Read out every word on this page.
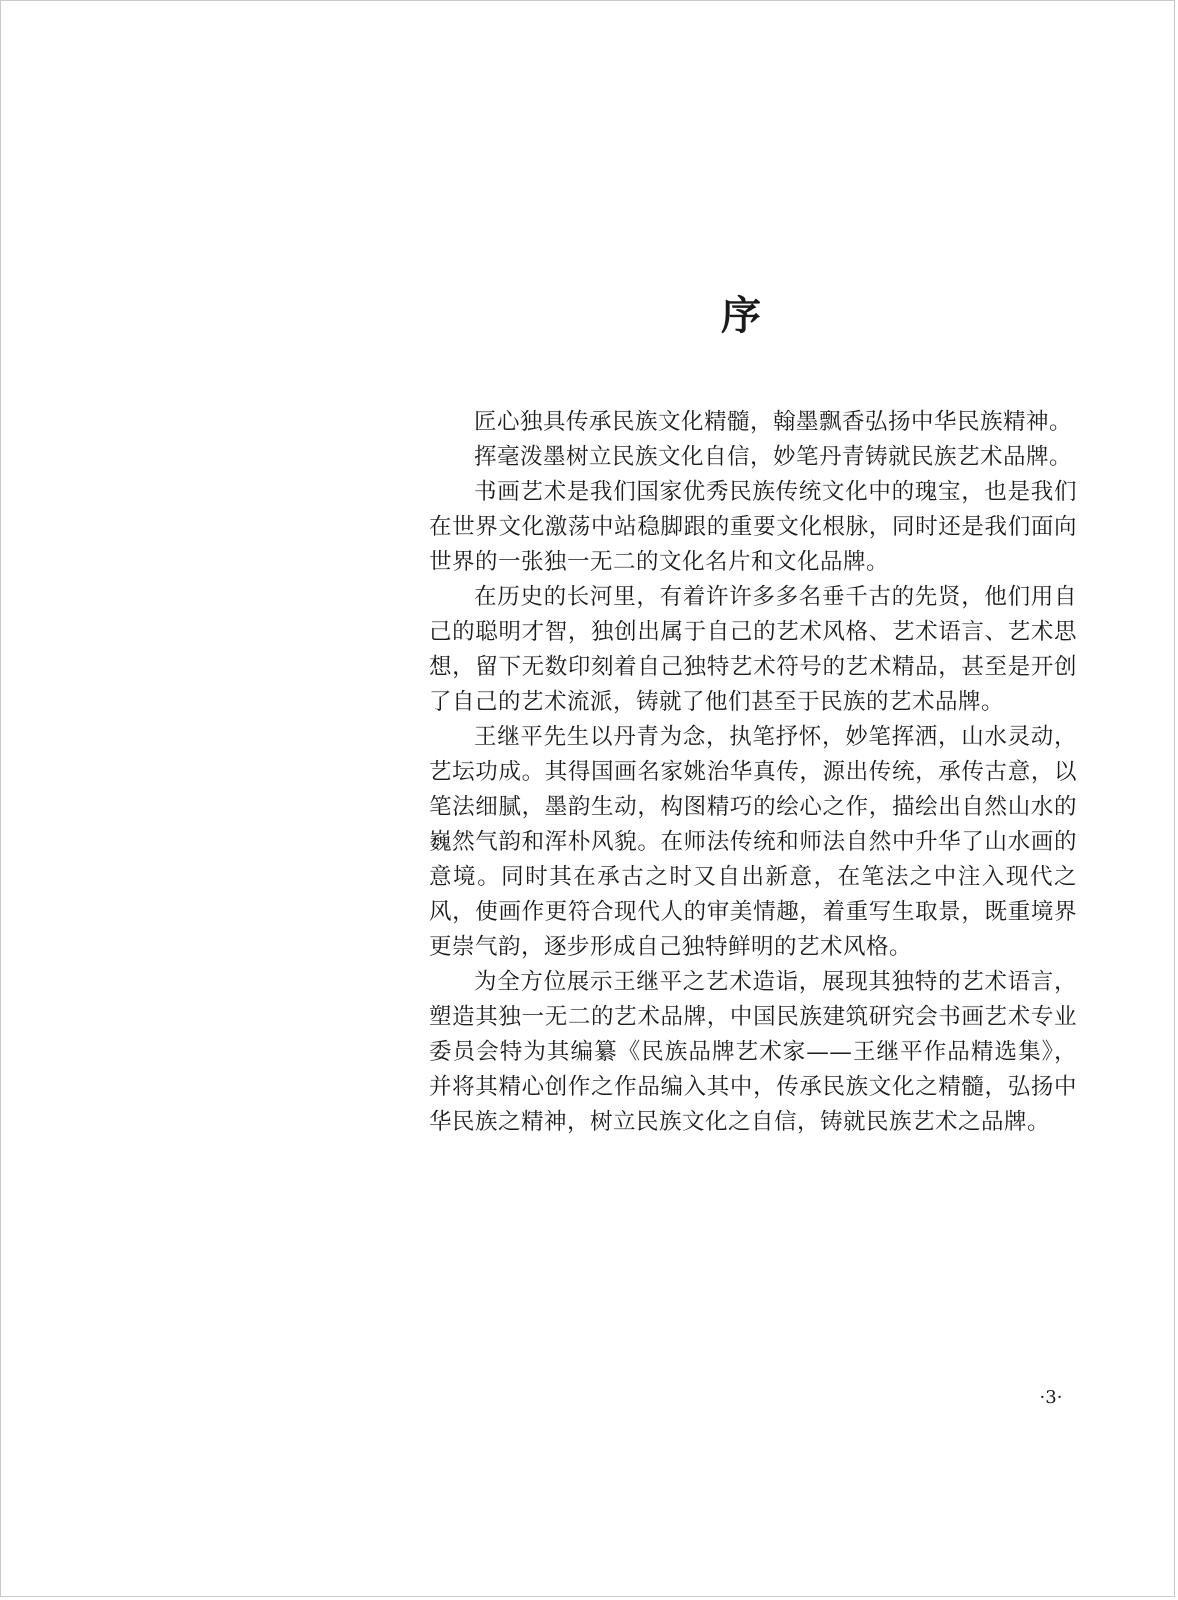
序

匠心独具传承民族文化精髓，翰墨飘香弘扬中华民族精神。

挥毫泼墨树立民族文化自信，妙笔丹青铸就民族艺术品牌。

书画艺术是我们国家优秀民族传统文化中的瑰宝，也是我们在世界文化激荡中站稳脚跟的重要文化根脉，同时还是我们面向世界的一张独一无二的文化名片和文化品牌。

在历史的长河里，有着许许多多名垂千古的先贤，他们用自己的聪明才智，独创出属于自己的艺术风格、艺术语言、艺术思想，留下无数印刻着自己独特艺术符号的艺术精品，甚至是开创了自己的艺术流派，铸就了他们甚至于民族的艺术品牌。

王继平先生以丹青为念，执笔抒怀，妙笔挥洒，山水灵动，艺坛功成。其得国画名家姚治华真传，源出传统，承传古意，以笔法细腻，墨韵生动，构图精巧的绘心之作，描绘出自然山水的巍然气韵和浑朴风貌。在师法传统和师法自然中升华了山水画的意境。同时其在承古之时又自出新意，在笔法之中注入现代之风，使画作更符合现代人的审美情趣，着重写生取景，既重境界更崇气韵，逐步形成自己独特鲜明的艺术风格。

为全方位展示王继平之艺术造诣，展现其独特的艺术语言，塑造其独一无二的艺术品牌，中国民族建筑研究会书画艺术专业委员会特为其编纂《民族品牌艺术家——王继平作品精选集》，并将其精心创作之作品编入其中，传承民族文化之精髓，弘扬中华民族之精神，树立民族文化之自信，铸就民族艺术之品牌。

·3·
